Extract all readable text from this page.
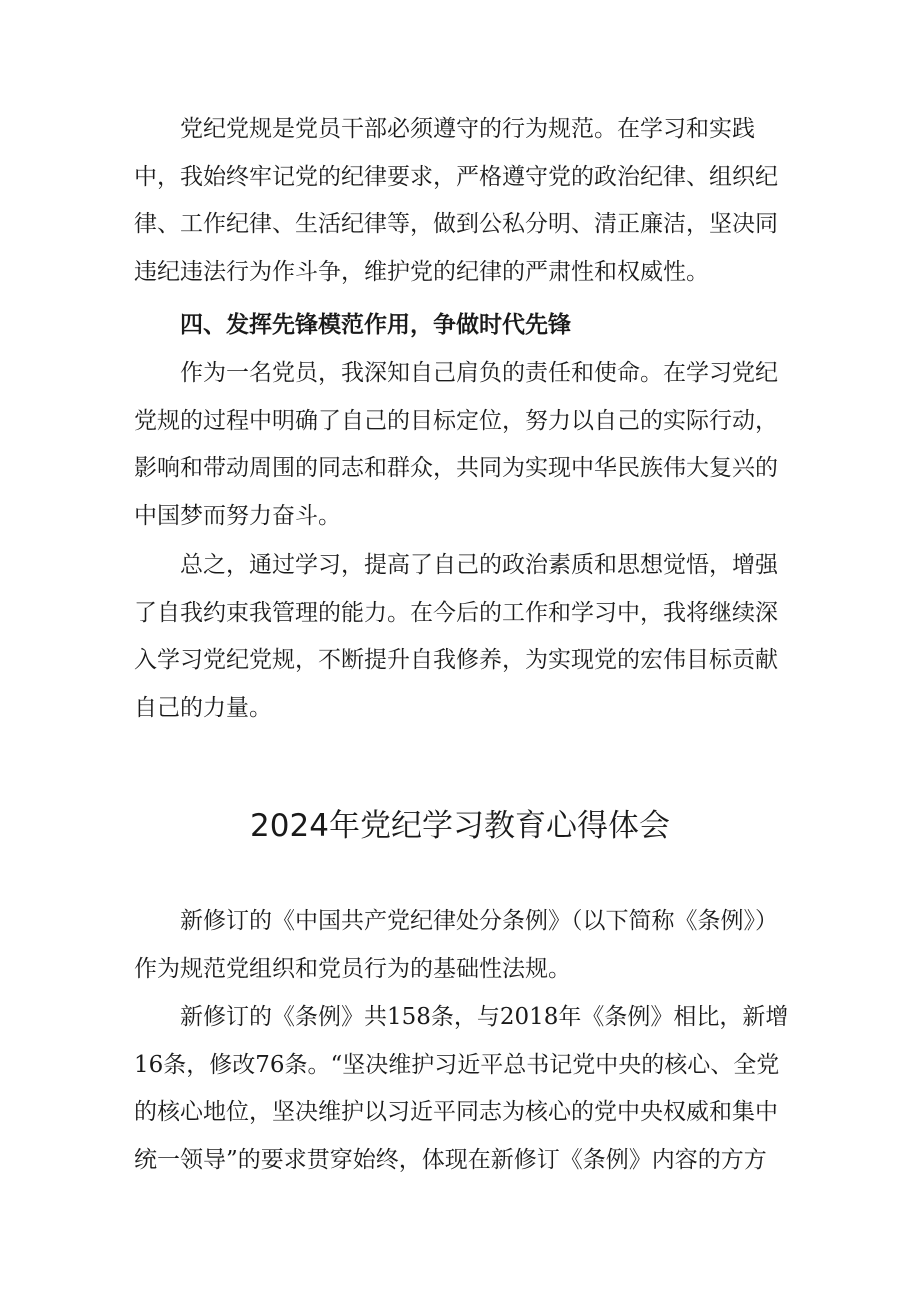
党纪党规是党员干部必须遵守的行为规范。在学习和实践中，我始终牢记党的纪律要求，严格遵守党的政治纪律、组织纪律、工作纪律、生活纪律等，做到公私分明、清正廉洁，坚决同违纪违法行为作斗争，维护党的纪律的严肃性和权威性。

四、发挥先锋模范作用，争做时代先锋

作为一名党员，我深知自己肩负的责任和使命。在学习党纪党规的过程中明确了自己的目标定位，努力以自己的实际行动，影响和带动周围的同志和群众，共同为实现中华民族伟大复兴的中国梦而努力奋斗。

总之，通过学习，提高了自己的政治素质和思想觉悟，增强了自我约束我管理的能力。在今后的工作和学习中，我将继续深入学习党纪党规，不断提升自我修养，为实现党的宏伟目标贡献自己的力量。

2024年党纪学习教育心得体会

新修订的《中国共产党纪律处分条例》（以下简称《条例》）作为规范党组织和党员行为的基础性法规。

新修订的《条例》共158条，与2018年《条例》相比，新增16条，修改76条。“坚决维护习近平总书记党中央的核心、全党的核心地位，坚决维护以习近平同志为核心的党中央权威和集中统一领导”的要求贯穿始终，体现在新修订《条例》内容的方方
